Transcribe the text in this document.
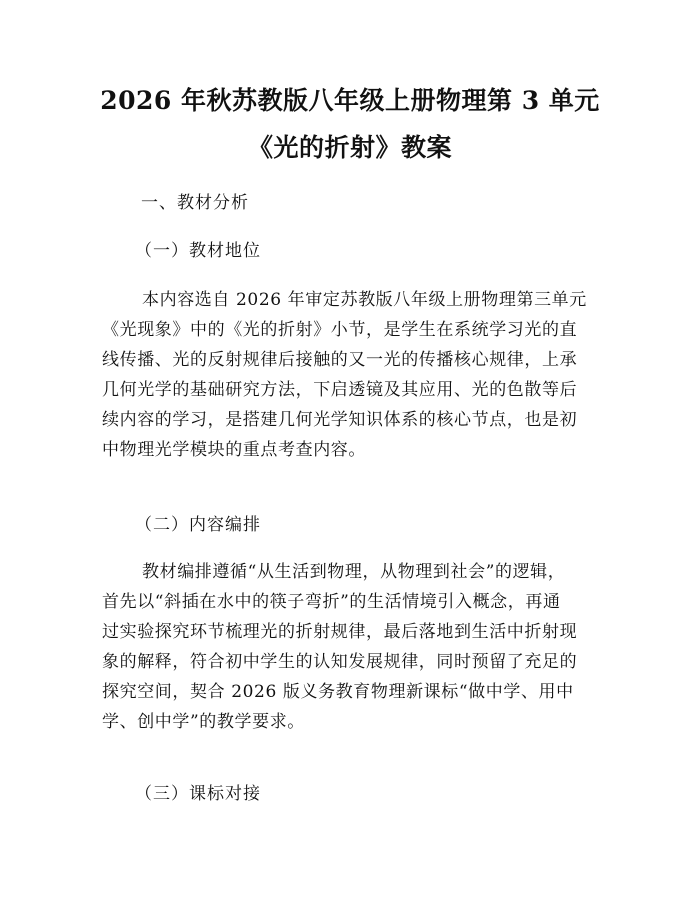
2026 年秋苏教版八年级上册物理第 3 单元
《光的折射》教案
一、教材分析
（一）教材地位
本内容选自 2026 年审定苏教版八年级上册物理第三单元
《光现象》中的《光的折射》小节，是学生在系统学习光的直
线传播、光的反射规律后接触的又一光的传播核心规律，上承
几何光学的基础研究方法，下启透镜及其应用、光的色散等后
续内容的学习，是搭建几何光学知识体系的核心节点，也是初
中物理光学模块的重点考查内容。
（二）内容编排
教材编排遵循“从生活到物理，从物理到社会”的逻辑，
首先以“斜插在水中的筷子弯折”的生活情境引入概念，再通
过实验探究环节梳理光的折射规律，最后落地到生活中折射现
象的解释，符合初中学生的认知发展规律，同时预留了充足的
探究空间，契合 2026 版义务教育物理新课标“做中学、用中
学、创中学”的教学要求。
（三）课标对接
